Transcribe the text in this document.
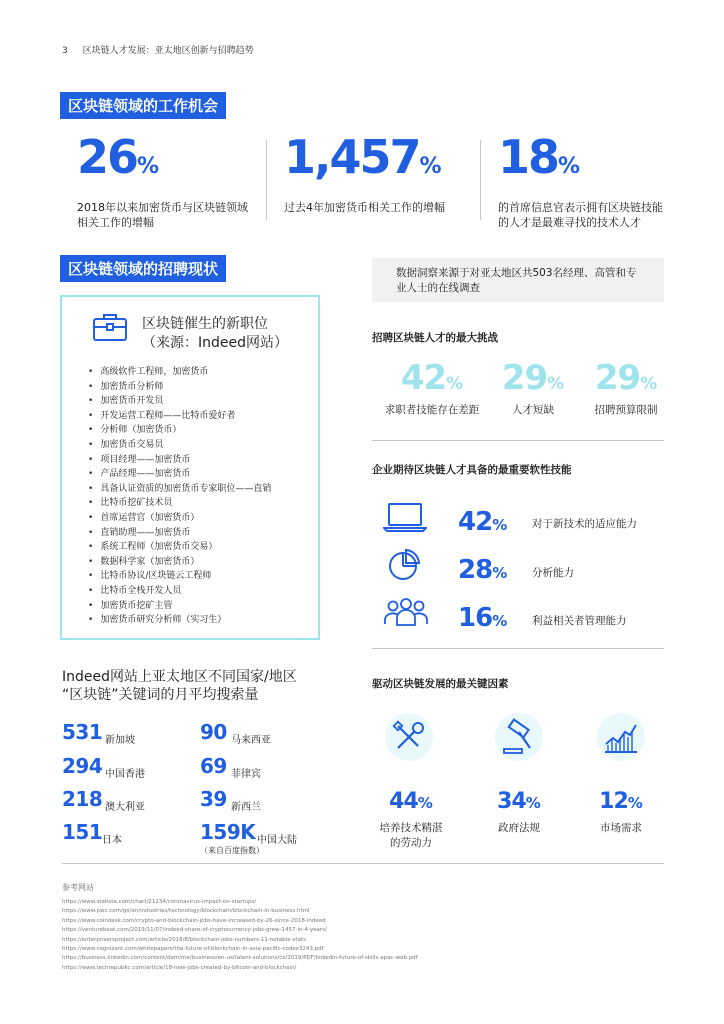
3 区块链人才发展：亚太地区创新与招聘趋势
区块链领域的工作机会
26%
2018年以来加密货币与区块链领域
相关工作的增幅
1,457%
过去4年加密货币相关工作的增幅
18%
的首席信息官表示拥有区块链技能
的人才是最难寻找的技术人才
区块链领域的招聘现状
区块链催生的新职位
（来源：Indeed网站）
• 高级软件工程师，加密货币
• 加密货币分析师
• 加密货币开发员
• 开发运营工程师——比特币爱好者
• 分析师（加密货币）
• 加密货币交易员
• 项目经理——加密货币
• 产品经理——加密货币
• 具备认证资质的加密货币专家职位——直销
• 比特币挖矿技术员
• 首席运营官（加密货币）
• 直销助理——加密货币
• 系统工程师（加密货币交易）
• 数据科学家（加密货币）
• 比特币协议/区块链云工程师
• 比特币全栈开发人员
• 加密货币挖矿主管
• 加密货币研究分析师（实习生）
数据洞察来源于对亚太地区共503名经理、高管和专
业人士的在线调查
招聘区块链人才的最大挑战
42%
求职者技能存在差距
29%
人才短缺
29%
招聘预算限制
企业期待区块链人才具备的最重要软性技能
42% 对于新技术的适应能力
28% 分析能力
16% 利益相关者管理能力
Indeed网站上亚太地区不同国家/地区
“区块链”关键词的月平均搜索量
531 新加坡
294 中国香港
218 澳大利亚
151 日本
90 马来西亚
69 菲律宾
39 新西兰
159K 中国大陆
（来自百度指数）
驱动区块链发展的最关键因素
44%
培养技术精湛
的劳动力
34%
政府法规
12%
市场需求
参考网站
https://www.statista.com/chart/21234/coronavirus-impact-on-startups/
https://www.pwc.com/gx/en/industries/technology/blockchain/blockchain-in-business.html
https://www.coindesk.com/crypto-and-blockchain-jobs-have-increased-by-26-since-2018-indeed
https://venturebeat.com/2019/11/07/indeed-share-of-cryptocurrency-jobs-grew-1457-in-4-years/
https://enterprisersproject.com/article/2018/8/blockchain-jobs-numbers-11-notable-stats
https://www.cognizant.com/whitepapers/the-future-of-blockchain-in-asia-pacific-codex3243.pdf
https://business.linkedin.com/content/dam/me/business/en-us/talent-solutions/cx/2019/PDF/linkedin-future-of-skills-apac-web.pdf
https://www.techrepublic.com/article/18-new-jobs-created-by-bitcoin-and-blockchain/
